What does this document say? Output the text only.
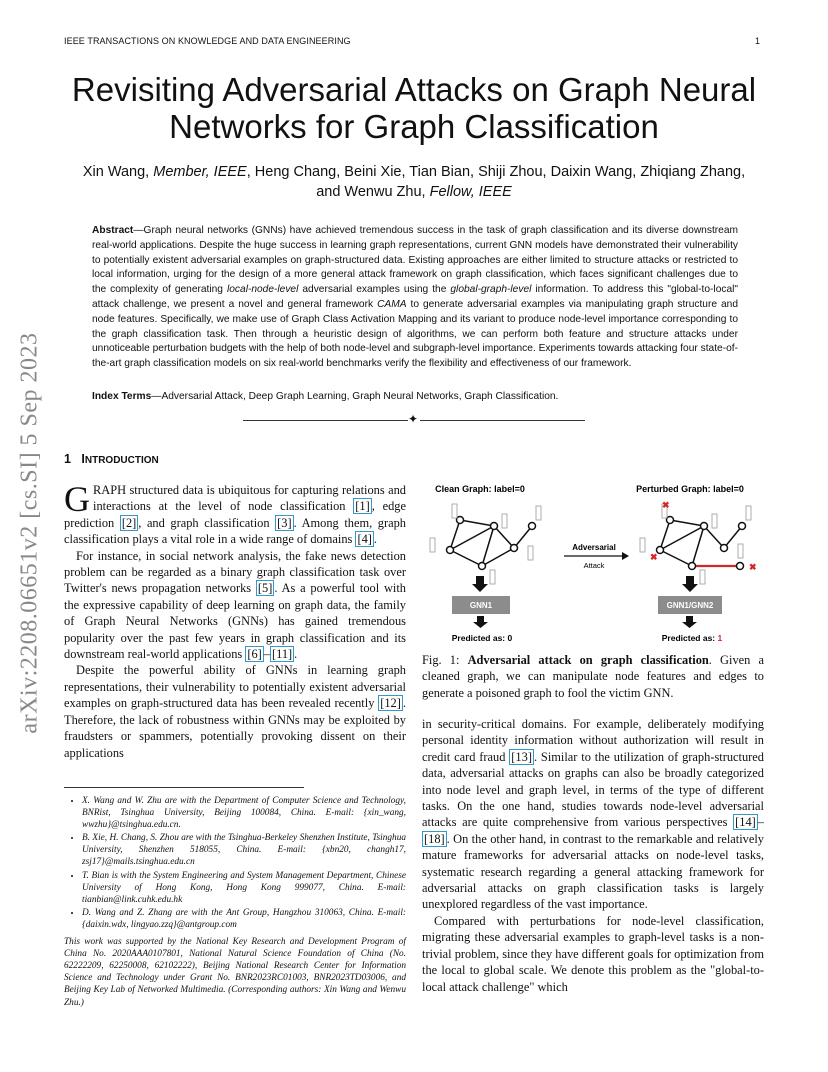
IEEE TRANSACTIONS ON KNOWLEDGE AND DATA ENGINEERING	1
Revisiting Adversarial Attacks on Graph Neural
Networks for Graph Classification
Xin Wang, Member, IEEE, Heng Chang, Beini Xie, Tian Bian, Shiji Zhou, Daixin Wang, Zhiqiang Zhang,
and Wenwu Zhu, Fellow, IEEE
Abstract—Graph neural networks (GNNs) have achieved tremendous success in the task of graph classification and its diverse downstream real-world applications. Despite the huge success in learning graph representations, current GNN models have demonstrated their vulnerability to potentially existent adversarial examples on graph-structured data. Existing approaches are either limited to structure attacks or restricted to local information, urging for the design of a more general attack framework on graph classification, which faces significant challenges due to the complexity of generating local-node-level adversarial examples using the global-graph-level information. To address this "global-to-local" attack challenge, we present a novel and general framework CAMA to generate adversarial examples via manipulating graph structure and node features. Specifically, we make use of Graph Class Activation Mapping and its variant to produce node-level importance corresponding to the graph classification task. Then through a heuristic design of algorithms, we can perform both feature and structure attacks under unnoticeable perturbation budgets with the help of both node-level and subgraph-level importance. Experiments towards attacking four state-of-the-art graph classification models on six real-world benchmarks verify the flexibility and effectiveness of our framework.
Index Terms—Adversarial Attack, Deep Graph Learning, Graph Neural Networks, Graph Classification.
✦
arXiv:2208.06651v2 [cs.SI] 5 Sep 2023 1 INTRODUCTION

GRAPH structured data is ubiquitous for capturing relations and interactions at the level of node classification [1] , edge prediction [2] , and graph classification [3] . Among them, graph classification plays a vital role in a wide range of domains [4] .

For instance, in social network analysis, the fake news detection problem can be regarded as a binary graph classification task over Twitter's news propagation networks [5] . As a powerful tool with the expressive capability of deep learning on graph data, the family of Graph Neural Networks (GNNs) has gained tremendous popularity over the past few years in graph classification and its downstream real-world applications [6] – [11] .

Despite the powerful ability of GNNs in learning graph representations, their vulnerability to potentially existent adversarial examples on graph-structured data has been revealed recently [12] . Therefore, the lack of robustness within GNNs may be exploited by fraudsters or spammers, potentially provoking dissent on their applications

• X. Wang and W. Zhu are with the Department of Computer Science and Technology, BNRist, Tsinghua University, Beijing 100084, China. E-mail: {xin_wang, wwzhu}@tsinghua.edu.cn.
• B. Xie, H. Chang, S. Zhou are with the Tsinghua-Berkeley Shenzhen Institute, Tsinghua University, Shenzhen 518055, China. E-mail: {xbn20, changh17, zsj17}@mails.tsinghua.edu.cn
• T. Bian is with the System Engineering and System Management Department, Chinese University of Hong Kong, Hong Kong 999077, China. E-mail: tianbian@link.cuhk.edu.hk
• D. Wang and Z. Zhang are with the Ant Group, Hangzhou 310063, China. E-mail: {daixin.wdx, lingyao.zzq}@antgroup.com
This work was supported by the National Key Research and Development Program of China No. 2020AAA0107801, National Natural Science Foundation of China (No. 62222209, 62250008, 62102222), Beijing National Research Center for Information Science and Technology under Grant No. BNR2023RC01003, BNR2023TD03006, and Beijing Key Lab of Networked Multimedia. (Corresponding authors: Xin Wang and Wenwu Zhu.)
Clean Graph: label=0	Perturbed Graph: label=0
Adversarial
Attack
✖
✖
✖
GNN1	GNN1/GNN2
Predicted as: 0	Predicted as: 1
Fig. 1: Adversarial attack on graph classification. Given a cleaned graph, we can manipulate node features and edges to generate a poisoned graph to fool the victim GNN.

in security-critical domains. For example, deliberately modifying personal identity information without authorization will result in credit card fraud [13] . Similar to the utilization of graph-structured data, adversarial attacks on graphs can also be broadly categorized into node level and graph level, in terms of the type of different tasks. On the one hand, studies towards node-level adversarial attacks are quite comprehensive from various perspectives [14] –[18] . On the other hand, in contrast to the remarkable and relatively mature frameworks for adversarial attacks on node-level tasks, systematic research regarding a general attacking framework for adversarial attacks on graph classification tasks is largely unexplored regardless of the vast importance.

Compared with perturbations for node-level classification, migrating these adversarial examples to graph-level tasks is a non-trivial problem, since they have different goals for optimization from the local to global scale. We denote this problem as the "global-to-local attack challenge" which
